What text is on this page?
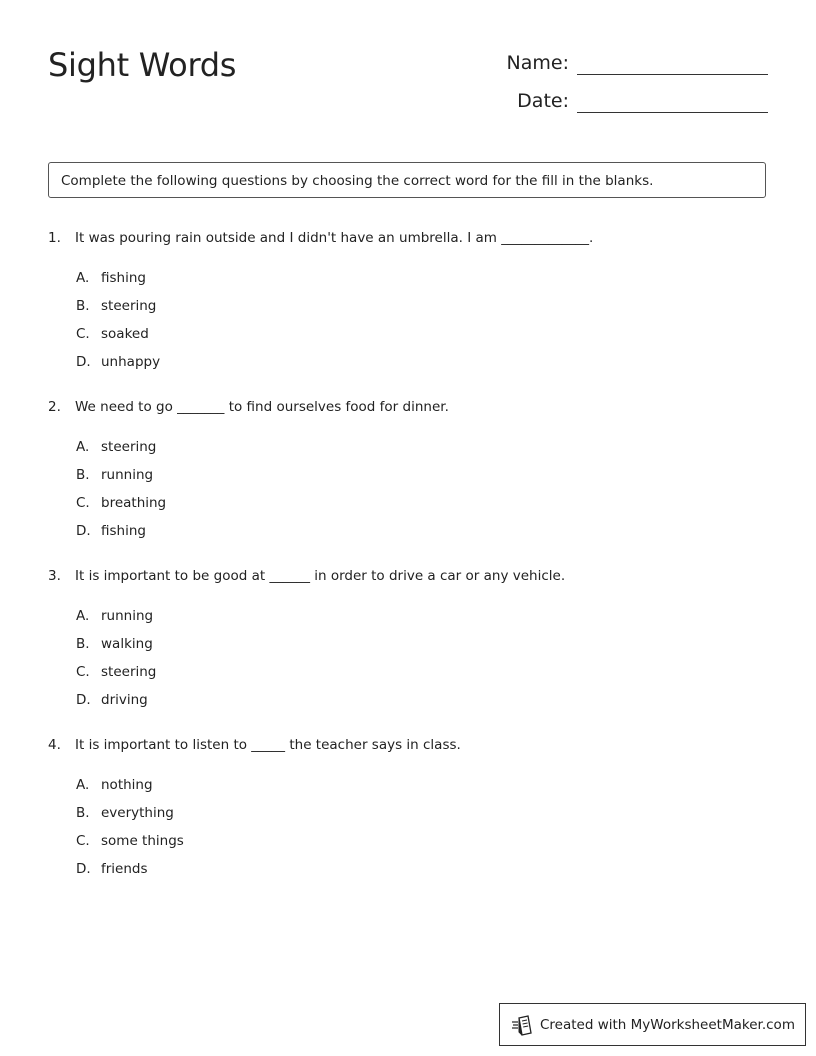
Sight Words	Name:
Date:
Complete the following questions by choosing the correct word for the fill in the blanks.
1.	It was pouring rain outside and I didn't have an umbrella. I am _____________.
A. fishing
B. steering
C. soaked
D. unhappy
2.	We need to go _______ to find ourselves food for dinner.
A. steering
B. running
C. breathing
D. fishing
3.	It is important to be good at ______ in order to drive a car or any vehicle.
A. running
B. walking
C. steering
D. driving
4.	It is important to listen to _____ the teacher says in class.
A. nothing
B. everything
C. some things
D. friends
Created with MyWorksheetMaker.com
